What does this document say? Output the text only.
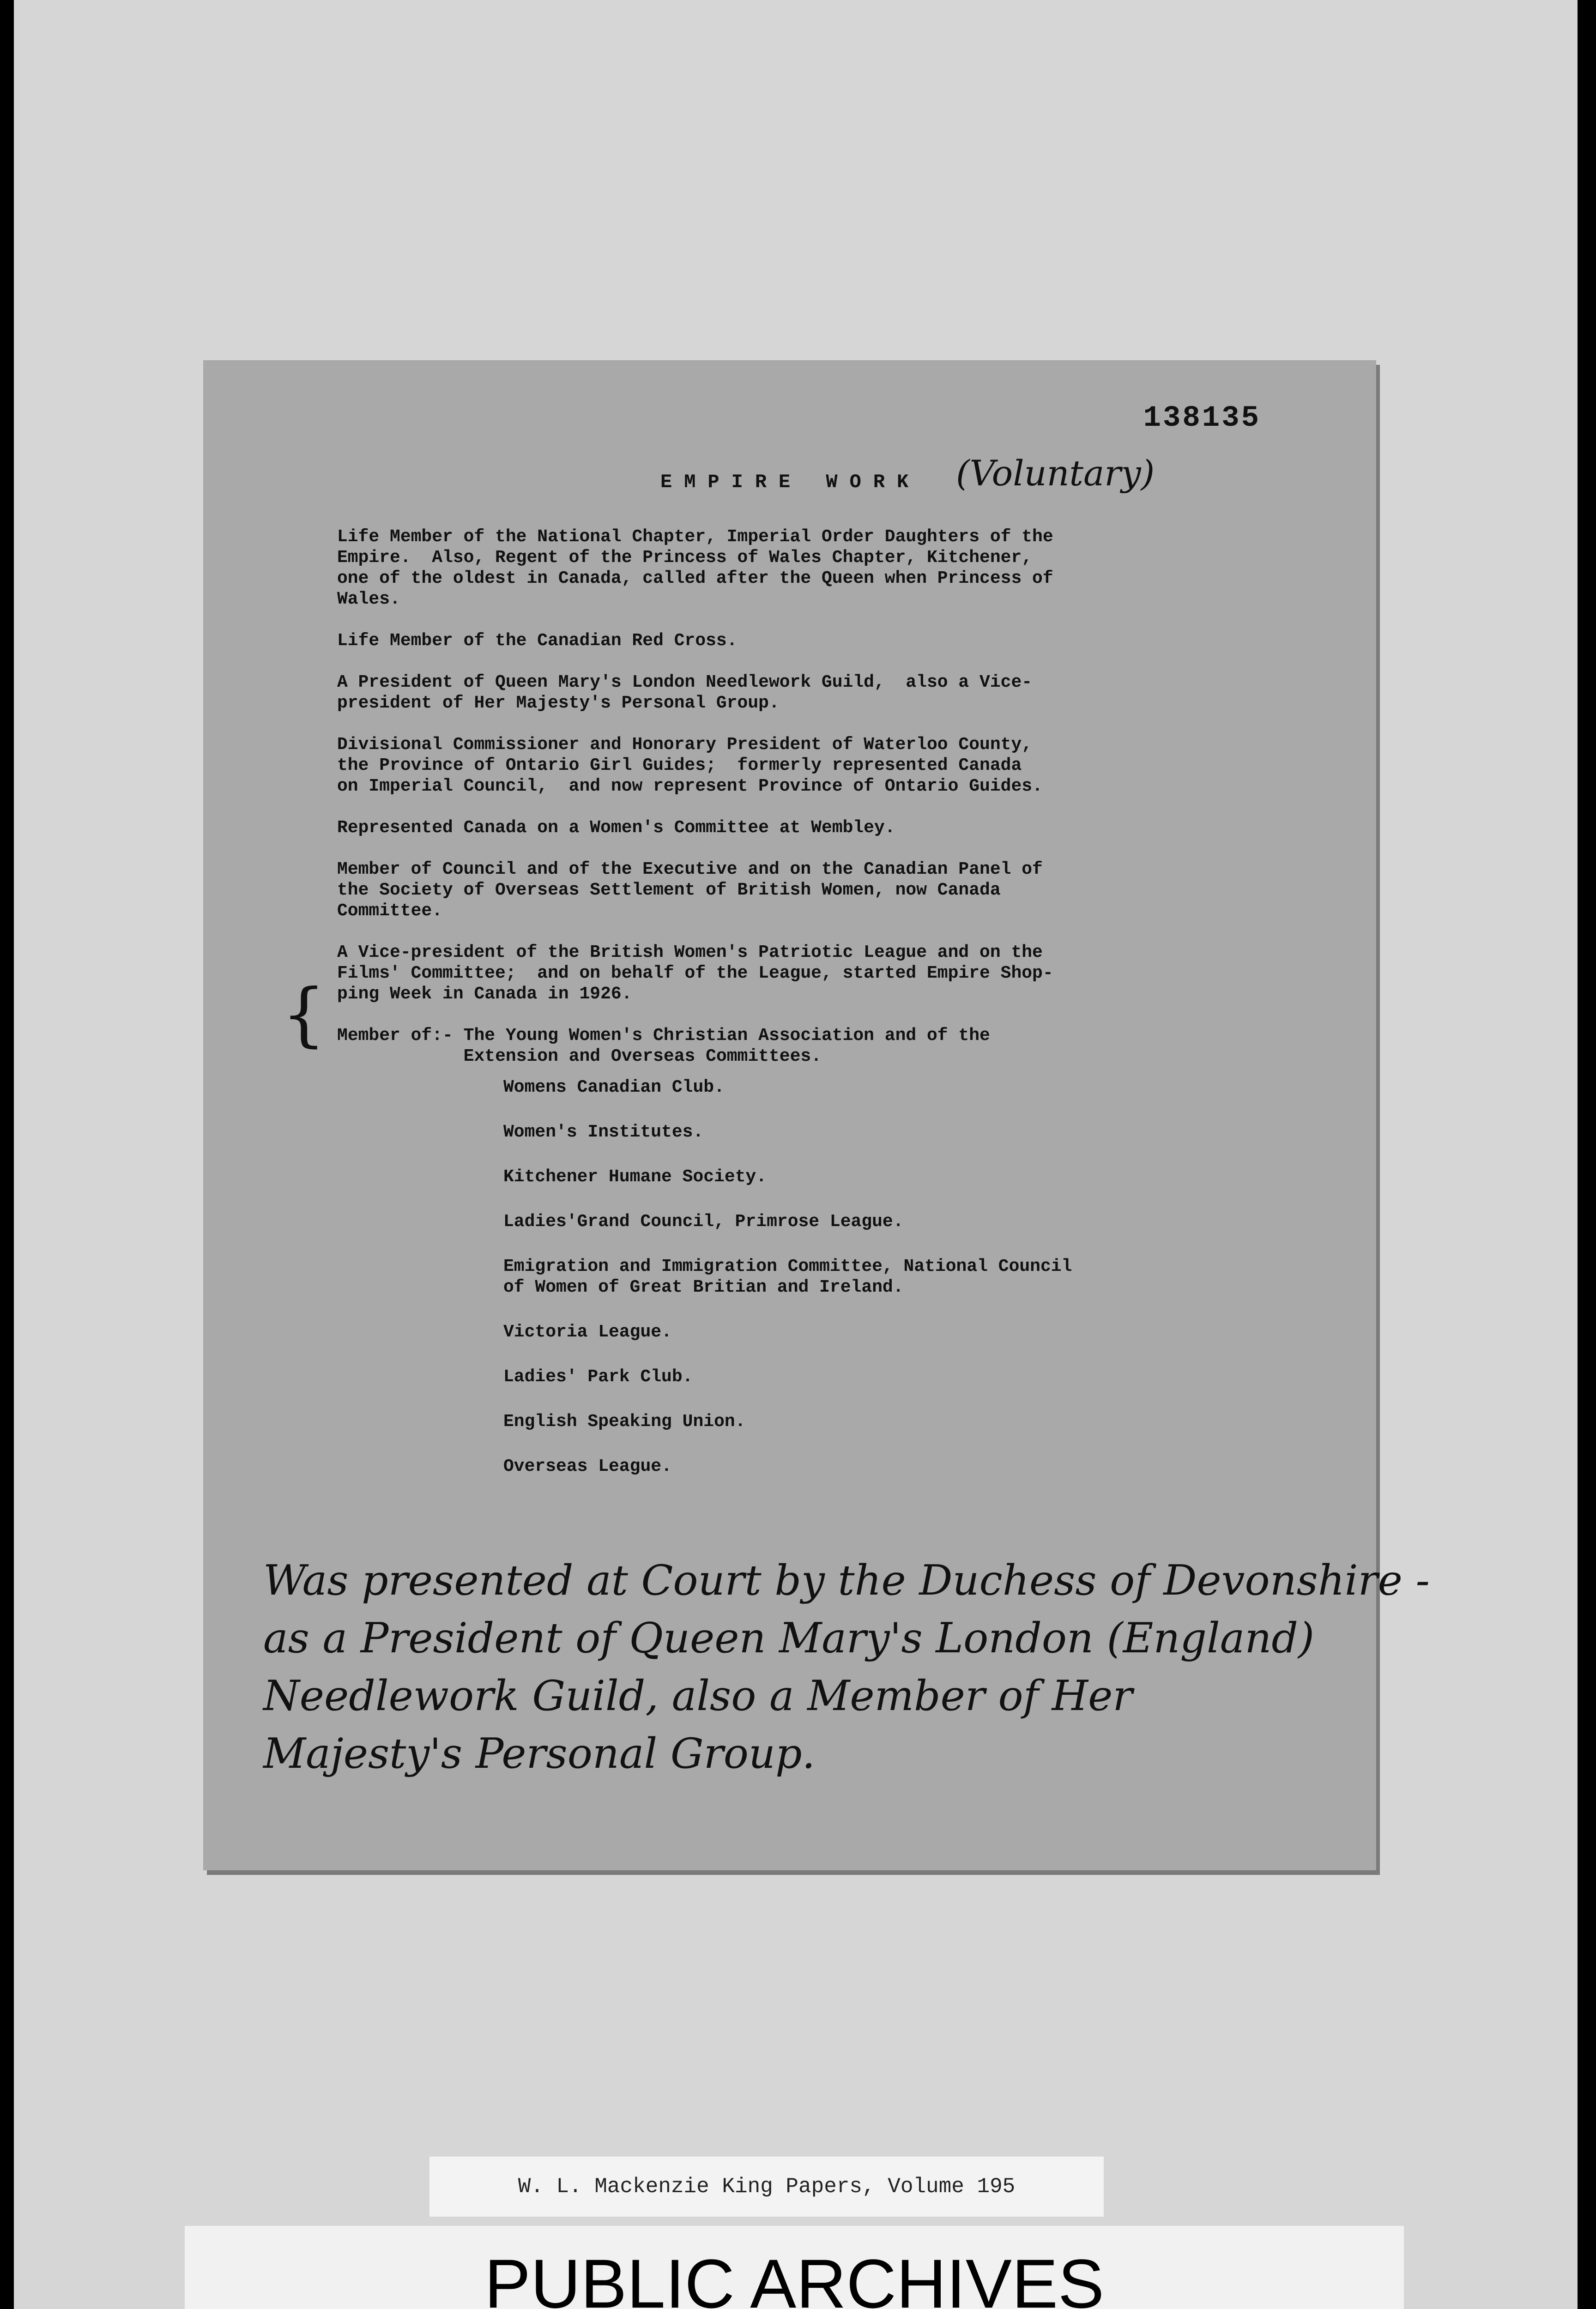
138135
EMPIRE WORK (Voluntary)
{

Life Member of the National Chapter, Imperial Order Daughters of the
Empire.  Also, Regent of the Princess of Wales Chapter, Kitchener,
one of the oldest in Canada, called after the Queen when Princess of
Wales.

Life Member of the Canadian Red Cross.

A President of Queen Mary's London Needlework Guild,  also a Vice-
president of Her Majesty's Personal Group.

Divisional Commissioner and Honorary President of Waterloo County,
the Province of Ontario Girl Guides;  formerly represented Canada
on Imperial Council,  and now represent Province of Ontario Guides.

Represented Canada on a Women's Committee at Wembley.

Member of Council and of the Executive and on the Canadian Panel of
the Society of Overseas Settlement of British Women, now Canada
Committee.

A Vice-president of the British Women's Patriotic League and on the
Films' Committee;  and on behalf of the League, started Empire Shop-
ping Week in Canada in 1926.

Member of:- The Young Women's Christian Association and of the
Extension and Overseas Committees.

Womens Canadian Club.
Women's Institutes.
Kitchener Humane Society.
Ladies'Grand Council, Primrose League.
Emigration and Immigration Committee, National Council
of Women of Great Britian and Ireland.
Victoria League.
Ladies' Park Club.
English Speaking Union.
Overseas League.

Was presented at Court by the Duchess of Devonshire -

as a President of Queen Mary's London (England)

Needlework Guild, also a Member of Her

Majesty's Personal Group.

W. L. Mackenzie King Papers, Volume 195
PUBLIC ARCHIVES
